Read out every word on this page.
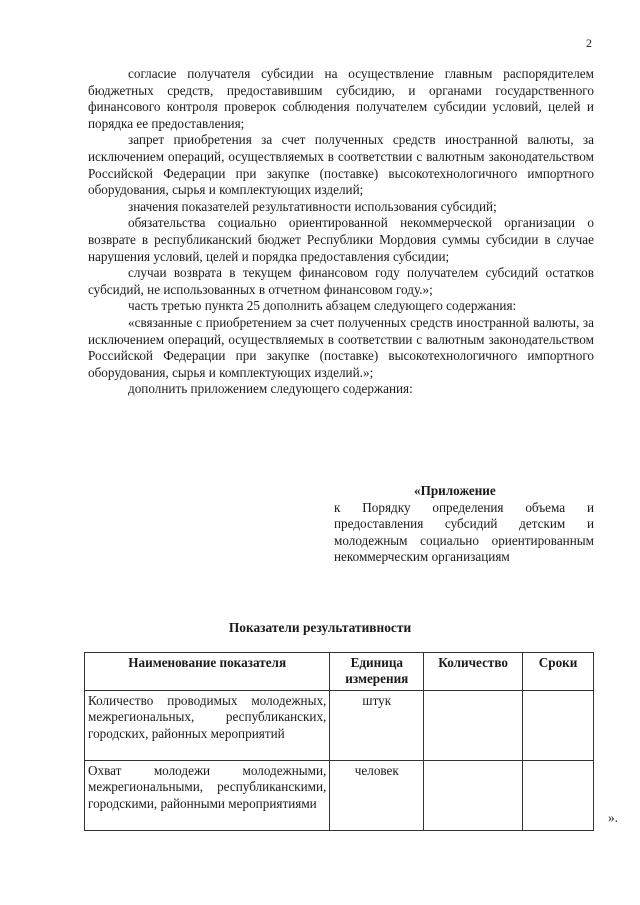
2

согласие получателя субсидии на осуществление главным распорядителем бюджетных средств, предоставившим субсидию, и органами государственного финансового контроля проверок соблюдения получателем субсидии условий, целей и порядка ее предоставления;

запрет приобретения за счет полученных средств иностранной валюты, за исключением операций, осуществляемых в соответствии с валютным законодательством Российской Федерации при закупке (поставке) высокотехнологичного импортного оборудования, сырья и комплектующих изделий;

значения показателей результативности использования субсидий;

обязательства социально ориентированной некоммерческой организации о возврате в республиканский бюджет Республики Мордовия суммы субсидии в случае нарушения условий, целей и порядка предоставления субсидии;

случаи возврата в текущем финансовом году получателем субсидий остатков субсидий, не использованных в отчетном финансовом году.»;

часть третью пункта 25 дополнить абзацем следующего содержания:

«связанные с приобретением за счет полученных средств иностранной валюты, за исключением операций, осуществляемых в соответствии с валютным законодательством Российской Федерации при закупке (поставке) высокотехнологичного импортного оборудования, сырья и комплектующих изделий.»;

дополнить приложением следующего содержания:

«Приложение

к Порядку определения объема и предоставления субсидий детским и молодежным социально ориентированным некоммерческим организациям

Показатели результативности
Наименование показателя	Единица измерения	Количество	Сроки
Количество проводимых молодежных, межрегиональных, республиканских, городских, районных мероприятий	штук		
Охват молодежи молодежными, межрегиональными, республиканскими, городскими, районными мероприятиями	человек		
».
